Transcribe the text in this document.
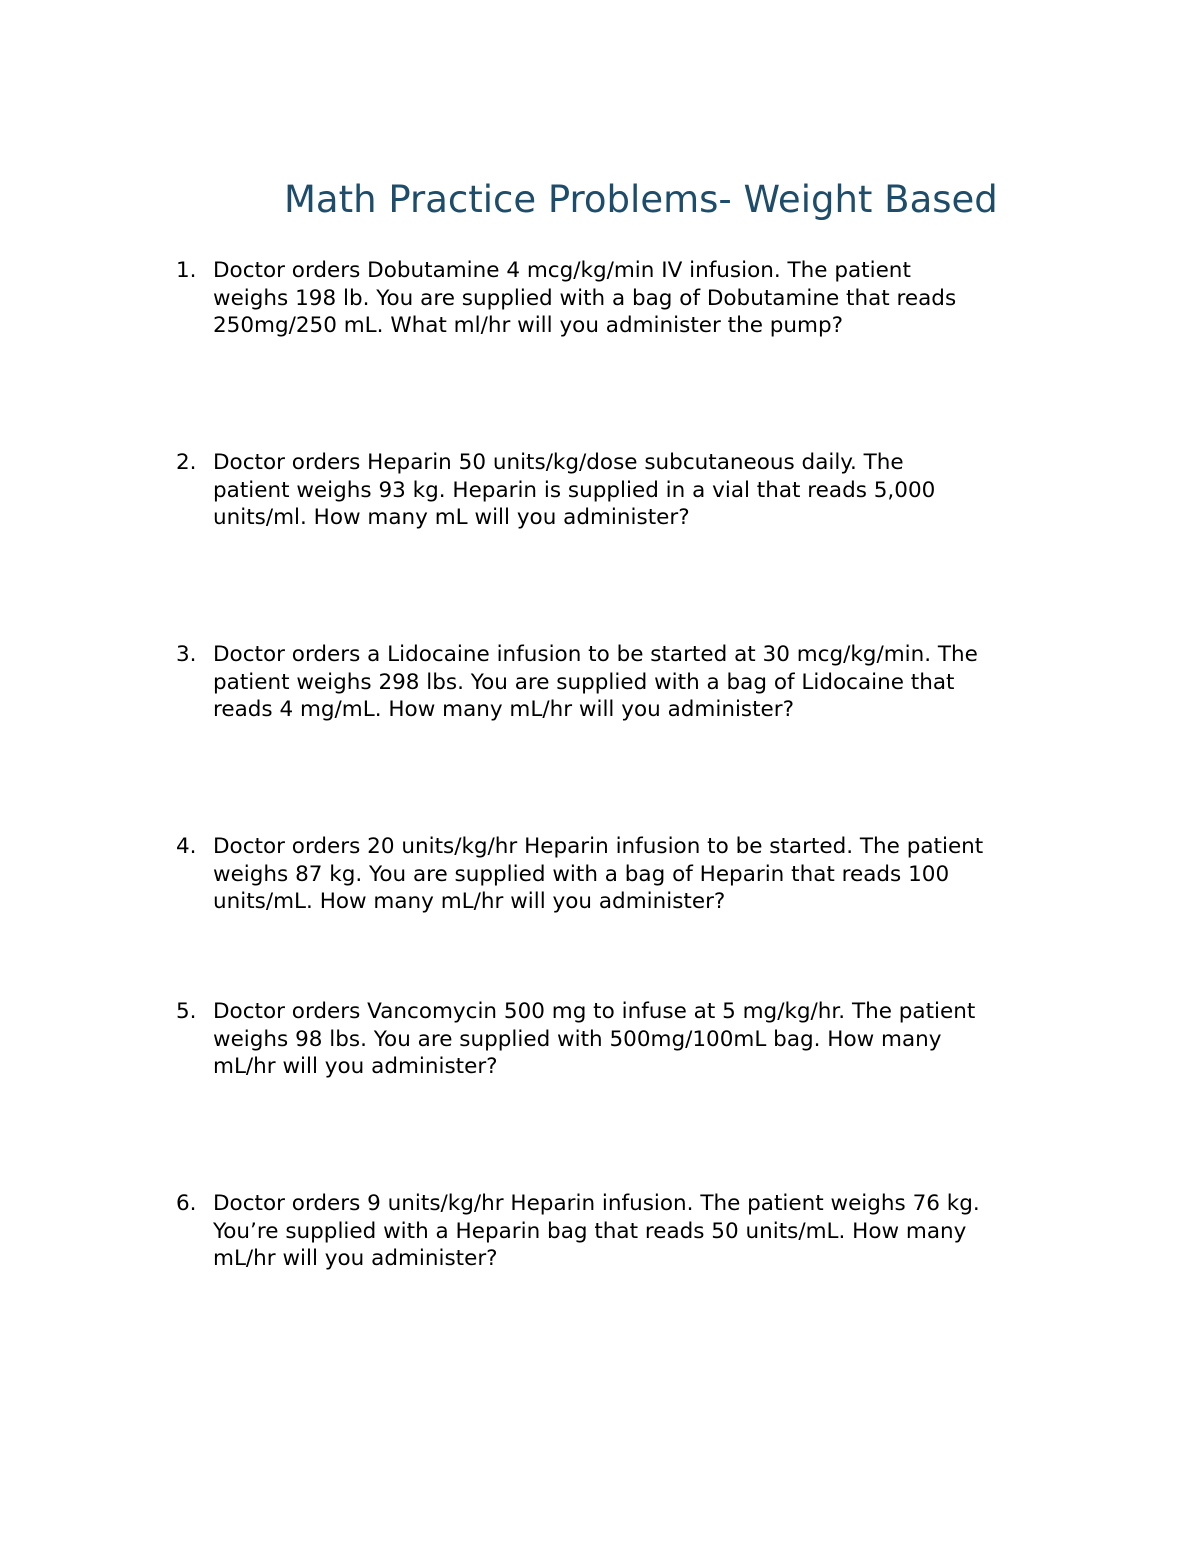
Math Practice Problems- Weight Based
1. Doctor orders Dobutamine 4 mcg/kg/min IV infusion. The patient
weighs 198 lb. You are supplied with a bag of Dobutamine that reads
250mg/250 mL. What ml/hr will you administer the pump?
2. Doctor orders Heparin 50 units/kg/dose subcutaneous daily. The
patient weighs 93 kg. Heparin is supplied in a vial that reads 5,000
units/ml. How many mL will you administer?
3. Doctor orders a Lidocaine infusion to be started at 30 mcg/kg/min. The
patient weighs 298 lbs. You are supplied with a bag of Lidocaine that
reads 4 mg/mL. How many mL/hr will you administer?
4. Doctor orders 20 units/kg/hr Heparin infusion to be started. The patient
weighs 87 kg. You are supplied with a bag of Heparin that reads 100
units/mL. How many mL/hr will you administer?
5. Doctor orders Vancomycin 500 mg to infuse at 5 mg/kg/hr. The patient
weighs 98 lbs. You are supplied with 500mg/100mL bag. How many
mL/hr will you administer?
6. Doctor orders 9 units/kg/hr Heparin infusion. The patient weighs 76 kg.
You’re supplied with a Heparin bag that reads 50 units/mL. How many
mL/hr will you administer?
